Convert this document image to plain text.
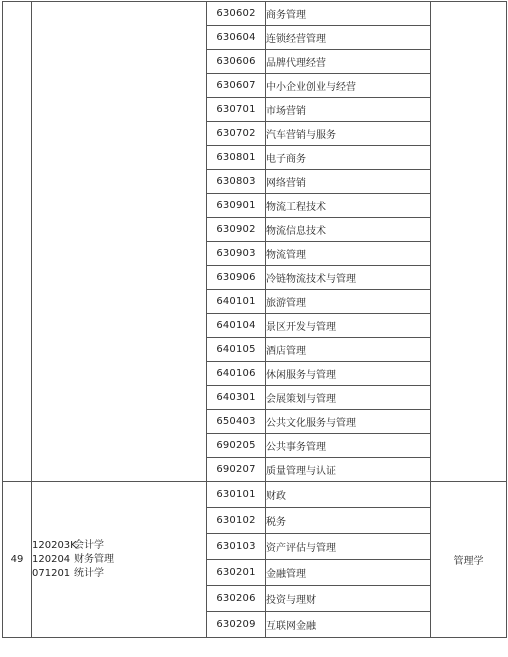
		630602	商务管理	
		630604	连锁经营管理	
		630606	品牌代理经营	
		630607	中小企业创业与经营	
		630701	市场营销	
		630702	汽车营销与服务	
		630801	电子商务	
		630803	网络营销	
		630901	物流工程技术	
		630902	物流信息技术	
		630903	物流管理	
		630906	冷链物流技术与管理	
		640101	旅游管理	
		640104	景区开发与管理	
		640105	酒店管理	
		640106	休闲服务与管理	
		640301	会展策划与管理	
		650403	公共文化服务与管理	
		690205	公共事务管理	
		690207	质量管理与认证	
49	120203K会计学
120204 财务管理
071201 统计学	630101	财政	管理学
		630102	税务	
		630103	资产评估与管理	
		630201	金融管理	
		630206	投资与理财	
		630209	互联网金融	
